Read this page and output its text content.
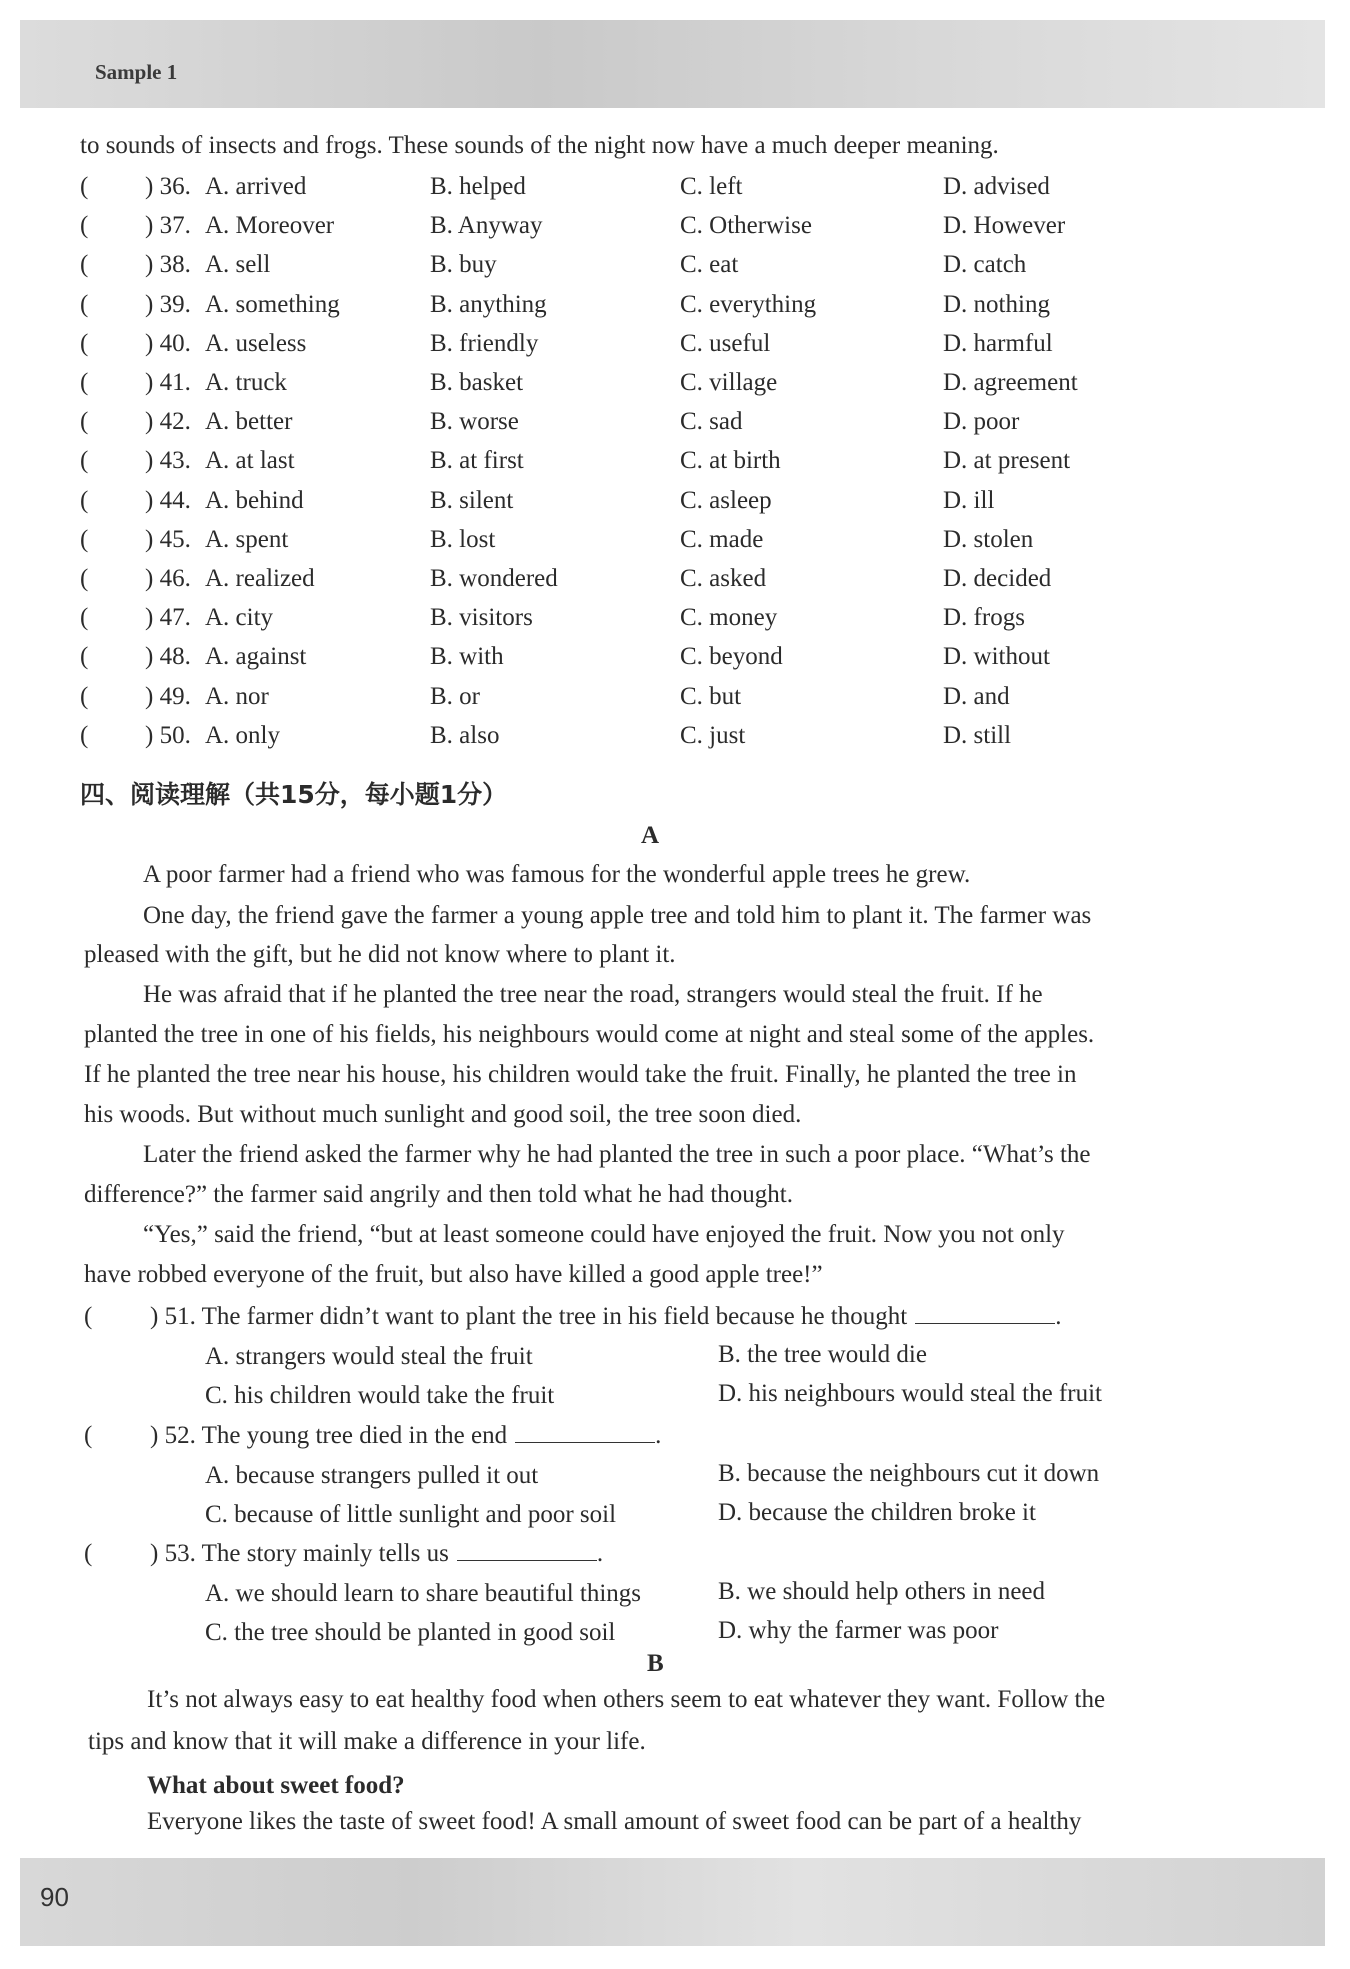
Sample 1
to sounds of insects and frogs. These sounds of the night now have a much deeper meaning.
( ) 36. A. arrived	B. helped	C. left	D. advised
( ) 37. A. Moreover	B. Anyway	C. Otherwise	D. However
( ) 38. A. sell	B. buy	C. eat	D. catch
( ) 39. A. something	B. anything	C. everything	D. nothing
( ) 40. A. useless	B. friendly	C. useful	D. harmful
( ) 41. A. truck	B. basket	C. village	D. agreement
( ) 42. A. better	B. worse	C. sad	D. poor
( ) 43. A. at last	B. at first	C. at birth	D. at present
( ) 44. A. behind	B. silent	C. asleep	D. ill
( ) 45. A. spent	B. lost	C. made	D. stolen
( ) 46. A. realized	B. wondered	C. asked	D. decided
( ) 47. A. city	B. visitors	C. money	D. frogs
( ) 48. A. against	B. with	C. beyond	D. without
( ) 49. A. nor	B. or	C. but	D. and
( ) 50. A. only	B. also	C. just	D. still
四、阅读理解（共15分，每小题1分）
A
A poor farmer had a friend who was famous for the wonderful apple trees he grew.
One day, the friend gave the farmer a young apple tree and told him to plant it. The farmer was
pleased with the gift, but he did not know where to plant it.
He was afraid that if he planted the tree near the road, strangers would steal the fruit. If he
planted the tree in one of his fields, his neighbours would come at night and steal some of the apples.
If he planted the tree near his house, his children would take the fruit. Finally, he planted the tree in
his woods. But without much sunlight and good soil, the tree soon died.
Later the friend asked the farmer why he had planted the tree in such a poor place. “What’s the
difference?” the farmer said angrily and then told what he had thought.
“Yes,” said the friend, “but at least someone could have enjoyed the fruit. Now you not only
have robbed everyone of the fruit, but also have killed a good apple tree!”
( ) 51. The farmer didn’t want to plant the tree in his field because he thought	.
A. strangers would steal the fruit	B. the tree would die
C. his children would take the fruit	D. his neighbours would steal the fruit
( ) 52. The young tree died in the end	.
A. because strangers pulled it out	B. because the neighbours cut it down
C. because of little sunlight and poor soil	D. because the children broke it
( ) 53. The story mainly tells us	.
A. we should learn to share beautiful things	B. we should help others in need
C. the tree should be planted in good soil	D. why the farmer was poor
B
It’s not always easy to eat healthy food when others seem to eat whatever they want. Follow the
tips and know that it will make a difference in your life.
What about sweet food?
Everyone likes the taste of sweet food! A small amount of sweet food can be part of a healthy
90
